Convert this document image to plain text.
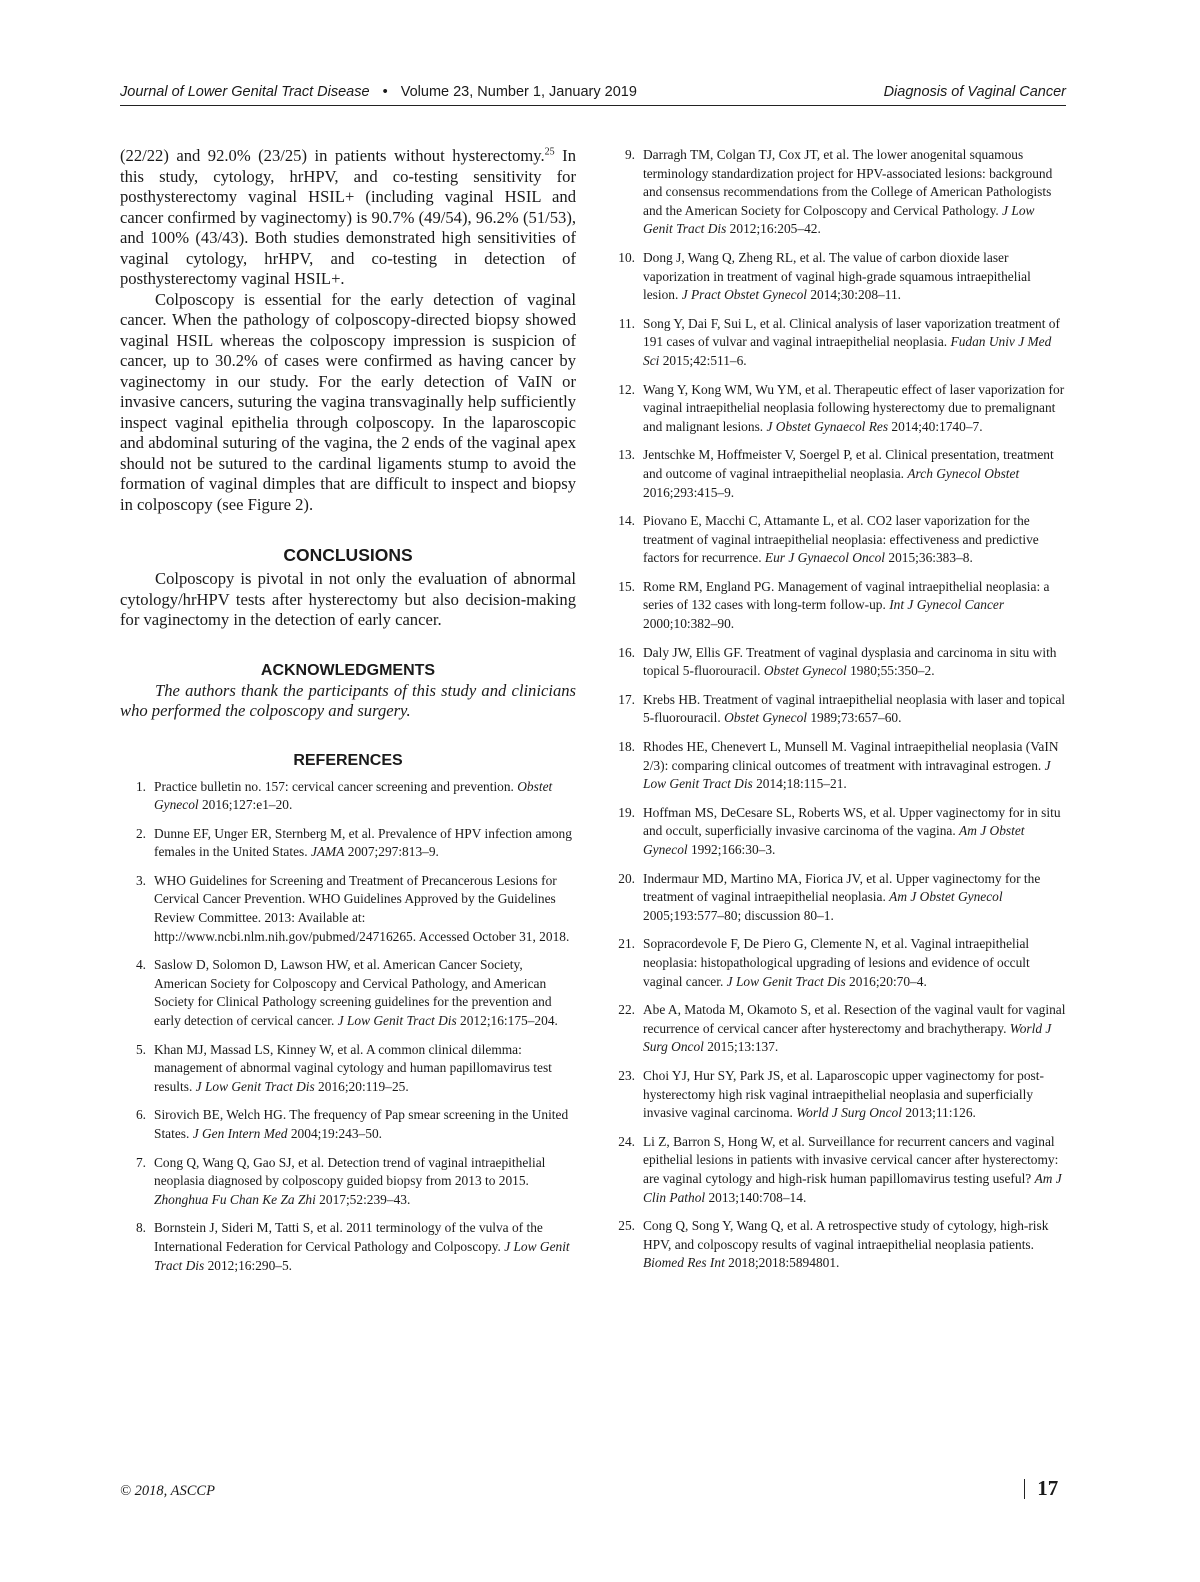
Journal of Lower Genital Tract Disease • Volume 23, Number 1, January 2019	Diagnosis of Vaginal Cancer

(22/22) and 92.0% (23/25) in patients without hysterectomy.$^{25}$ In this study, cytology, hrHPV, and co-testing sensitivity for posthysterectomy vaginal HSIL+ (including vaginal HSIL and cancer confirmed by vaginectomy) is 90.7% (49/54), 96.2% (51/53), and 100% (43/43). Both studies demonstrated high sensitivities of vaginal cytology, hrHPV, and co-testing in detection of posthysterectomy vaginal HSIL+.

Colposcopy is essential for the early detection of vaginal cancer. When the pathology of colposcopy-directed biopsy showed vaginal HSIL whereas the colposcopy impression is suspicion of cancer, up to 30.2% of cases were confirmed as having cancer by vaginectomy in our study. For the early detection of VaIN or invasive cancers, suturing the vagina transvaginally help sufficiently inspect vaginal epithelia through colposcopy. In the laparoscopic and abdominal suturing of the vagina, the 2 ends of the vaginal apex should not be sutured to the cardinal ligaments stump to avoid the formation of vaginal dimples that are difficult to inspect and biopsy in colposcopy (see Figure 2).

CONCLUSIONS

Colposcopy is pivotal in not only the evaluation of abnormal cytology/hrHPV tests after hysterectomy but also decision-making for vaginectomy in the detection of early cancer.

ACKNOWLEDGMENTS

The authors thank the participants of this study and clinicians who performed the colposcopy and surgery.

REFERENCES
1. Practice bulletin no. 157: cervical cancer screening and prevention. Obstet Gynecol 2016;127:e1–20.
2. Dunne EF, Unger ER, Sternberg M, et al. Prevalence of HPV infection among females in the United States. JAMA 2007;297:813–9.
3. WHO Guidelines for Screening and Treatment of Precancerous Lesions for Cervical Cancer Prevention. WHO Guidelines Approved by the Guidelines Review Committee. 2013: Available at: http://www.ncbi.nlm.nih.gov/pubmed/24716265. Accessed October 31, 2018.
4. Saslow D, Solomon D, Lawson HW, et al. American Cancer Society, American Society for Colposcopy and Cervical Pathology, and American Society for Clinical Pathology screening guidelines for the prevention and early detection of cervical cancer. J Low Genit Tract Dis 2012;16:175–204.
5. Khan MJ, Massad LS, Kinney W, et al. A common clinical dilemma: management of abnormal vaginal cytology and human papillomavirus test results. J Low Genit Tract Dis 2016;20:119–25.
6. Sirovich BE, Welch HG. The frequency of Pap smear screening in the United States. J Gen Intern Med 2004;19:243–50.
7. Cong Q, Wang Q, Gao SJ, et al. Detection trend of vaginal intraepithelial neoplasia diagnosed by colposcopy guided biopsy from 2013 to 2015. Zhonghua Fu Chan Ke Za Zhi 2017;52:239–43.
8. Bornstein J, Sideri M, Tatti S, et al. 2011 terminology of the vulva of the International Federation for Cervical Pathology and Colposcopy. J Low Genit Tract Dis 2012;16:290–5.
9. Darragh TM, Colgan TJ, Cox JT, et al. The lower anogenital squamous terminology standardization project for HPV-associated lesions: background and consensus recommendations from the College of American Pathologists and the American Society for Colposcopy and Cervical Pathology. J Low Genit Tract Dis 2012;16:205–42.
10. Dong J, Wang Q, Zheng RL, et al. The value of carbon dioxide laser vaporization in treatment of vaginal high-grade squamous intraepithelial lesion. J Pract Obstet Gynecol 2014;30:208–11.
11. Song Y, Dai F, Sui L, et al. Clinical analysis of laser vaporization treatment of 191 cases of vulvar and vaginal intraepithelial neoplasia. Fudan Univ J Med Sci 2015;42:511–6.
12. Wang Y, Kong WM, Wu YM, et al. Therapeutic effect of laser vaporization for vaginal intraepithelial neoplasia following hysterectomy due to premalignant and malignant lesions. J Obstet Gynaecol Res 2014;40:1740–7.
13. Jentschke M, Hoffmeister V, Soergel P, et al. Clinical presentation, treatment and outcome of vaginal intraepithelial neoplasia. Arch Gynecol Obstet 2016;293:415–9.
14. Piovano E, Macchi C, Attamante L, et al. CO2 laser vaporization for the treatment of vaginal intraepithelial neoplasia: effectiveness and predictive factors for recurrence. Eur J Gynaecol Oncol 2015;36:383–8.
15. Rome RM, England PG. Management of vaginal intraepithelial neoplasia: a series of 132 cases with long-term follow-up. Int J Gynecol Cancer 2000;10:382–90.
16. Daly JW, Ellis GF. Treatment of vaginal dysplasia and carcinoma in situ with topical 5-fluorouracil. Obstet Gynecol 1980;55:350–2.
17. Krebs HB. Treatment of vaginal intraepithelial neoplasia with laser and topical 5-fluorouracil. Obstet Gynecol 1989;73:657–60.
18. Rhodes HE, Chenevert L, Munsell M. Vaginal intraepithelial neoplasia (VaIN 2/3): comparing clinical outcomes of treatment with intravaginal estrogen. J Low Genit Tract Dis 2014;18:115–21.
19. Hoffman MS, DeCesare SL, Roberts WS, et al. Upper vaginectomy for in situ and occult, superficially invasive carcinoma of the vagina. Am J Obstet Gynecol 1992;166:30–3.
20. Indermaur MD, Martino MA, Fiorica JV, et al. Upper vaginectomy for the treatment of vaginal intraepithelial neoplasia. Am J Obstet Gynecol 2005;193:577–80; discussion 80–1.
21. Sopracordevole F, De Piero G, Clemente N, et al. Vaginal intraepithelial neoplasia: histopathological upgrading of lesions and evidence of occult vaginal cancer. J Low Genit Tract Dis 2016;20:70–4.
22. Abe A, Matoda M, Okamoto S, et al. Resection of the vaginal vault for vaginal recurrence of cervical cancer after hysterectomy and brachytherapy. World J Surg Oncol 2015;13:137.
23. Choi YJ, Hur SY, Park JS, et al. Laparoscopic upper vaginectomy for post-hysterectomy high risk vaginal intraepithelial neoplasia and superficially invasive vaginal carcinoma. World J Surg Oncol 2013;11:126.
24. Li Z, Barron S, Hong W, et al. Surveillance for recurrent cancers and vaginal epithelial lesions in patients with invasive cervical cancer after hysterectomy: are vaginal cytology and high-risk human papillomavirus testing useful? Am J Clin Pathol 2013;140:708–14.
25. Cong Q, Song Y, Wang Q, et al. A retrospective study of cytology, high-risk HPV, and colposcopy results of vaginal intraepithelial neoplasia patients. Biomed Res Int 2018;2018:5894801.
© 2018, ASCCP	17
